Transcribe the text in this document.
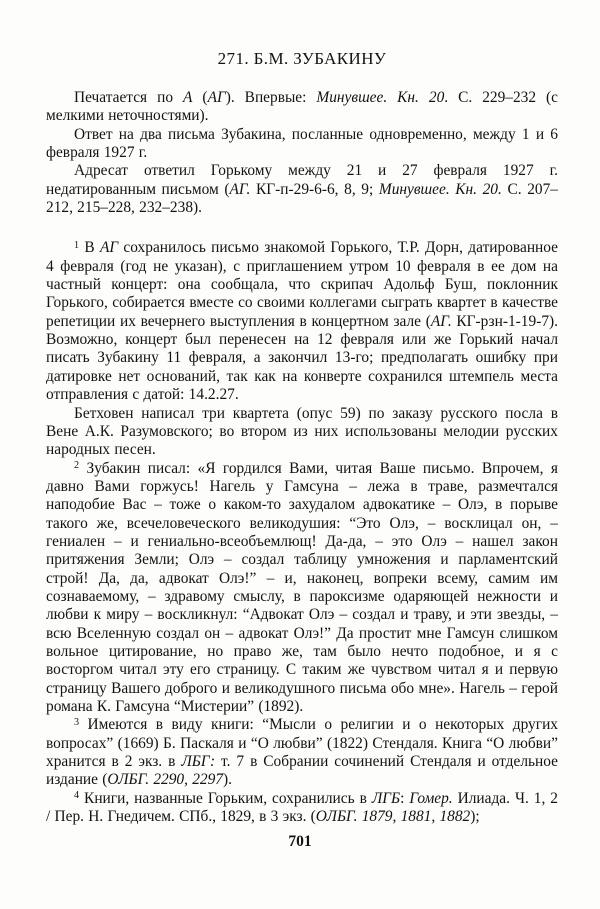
271. Б.М. ЗУБАКИНУ

Печатается по А (АГ). Впервые: Минувшее. Кн. 20. С. 229–232 (с мелкими неточностями).

Ответ на два письма Зубакина, посланные одновременно, между 1 и 6 февраля 1927 г.

Адресат ответил Горькому между 21 и 27 февраля 1927 г. недатированным письмом (АГ. КГ-п-29-6-6, 8, 9; Минувшее. Кн. 20. С. 207–212, 215–228, 232–238).

$^1$ В АГ сохранилось письмо знакомой Горького, Т.Р. Дорн, датированное 4 февраля (год не указан), с приглашением утром 10 февраля в ее дом на частный концерт: она сообщала, что скрипач Адольф Буш, поклонник Горького, собирается вместе со своими коллегами сыграть квартет в качестве репетиции их вечернего выступления в концертном зале (АГ. КГ-рзн-1-19-7). Возможно, концерт был перенесен на 12 февраля или же Горький начал писать Зубакину 11 февраля, а закончил 13-го; предполагать ошибку при датировке нет оснований, так как на конверте сохранился штемпель места отправления с датой: 14.2.27.

Бетховен написал три квартета (опус 59) по заказу русского посла в Вене А.К. Разумовского; во втором из них использованы мелодии русских народных песен.

$^2$ Зубакин писал: «Я гордился Вами, читая Ваше письмо. Впрочем, я давно Вами горжусь! Нагель у Гамсуна – лежа в траве, размечтался наподобие Вас – тоже о каком-то захудалом адвокатике – Олэ, в порыве такого же, всечеловеческого великодушия: “Это Олэ, – восклицал он, – гениален – и гениально-всеобъемлющ! Да-да, – это Олэ – нашел закон притяжения Земли; Олэ – создал таблицу умножения и парламентский строй! Да, да, адвокат Олэ!” – и, наконец, вопреки всему, самим им сознаваемому, – здравому смыслу, в пароксизме одаряющей нежности и любви к миру – воскликнул: “Адвокат Олэ – создал и траву, и эти звезды, – всю Вселенную создал он – адвокат Олэ!” Да простит мне Гамсун слишком вольное цитирование, но право же, там было нечто подобное, и я с восторгом читал эту его страницу. С таким же чувством читал я и первую страницу Вашего доброго и великодушного письма обо мне». Нагель – герой романа К. Гамсуна “Мистерии” (1892).

$^3$ Имеются в виду книги: “Мысли о религии и о некоторых других вопросах” (1669) Б. Паскаля и “О любви” (1822) Стендаля. Книга “О любви” хранится в 2 экз. в ЛБГ: т. 7 в Собрании сочинений Стендаля и отдельное издание (ОЛБГ. 2290, 2297).

$^4$ Книги, названные Горьким, сохранились в ЛГБ: Гомер. Илиада. Ч. 1, 2 / Пер. Н. Гнедичем. СПб., 1829, в 3 экз. (ОЛБГ. 1879, 1881, 1882);

701
